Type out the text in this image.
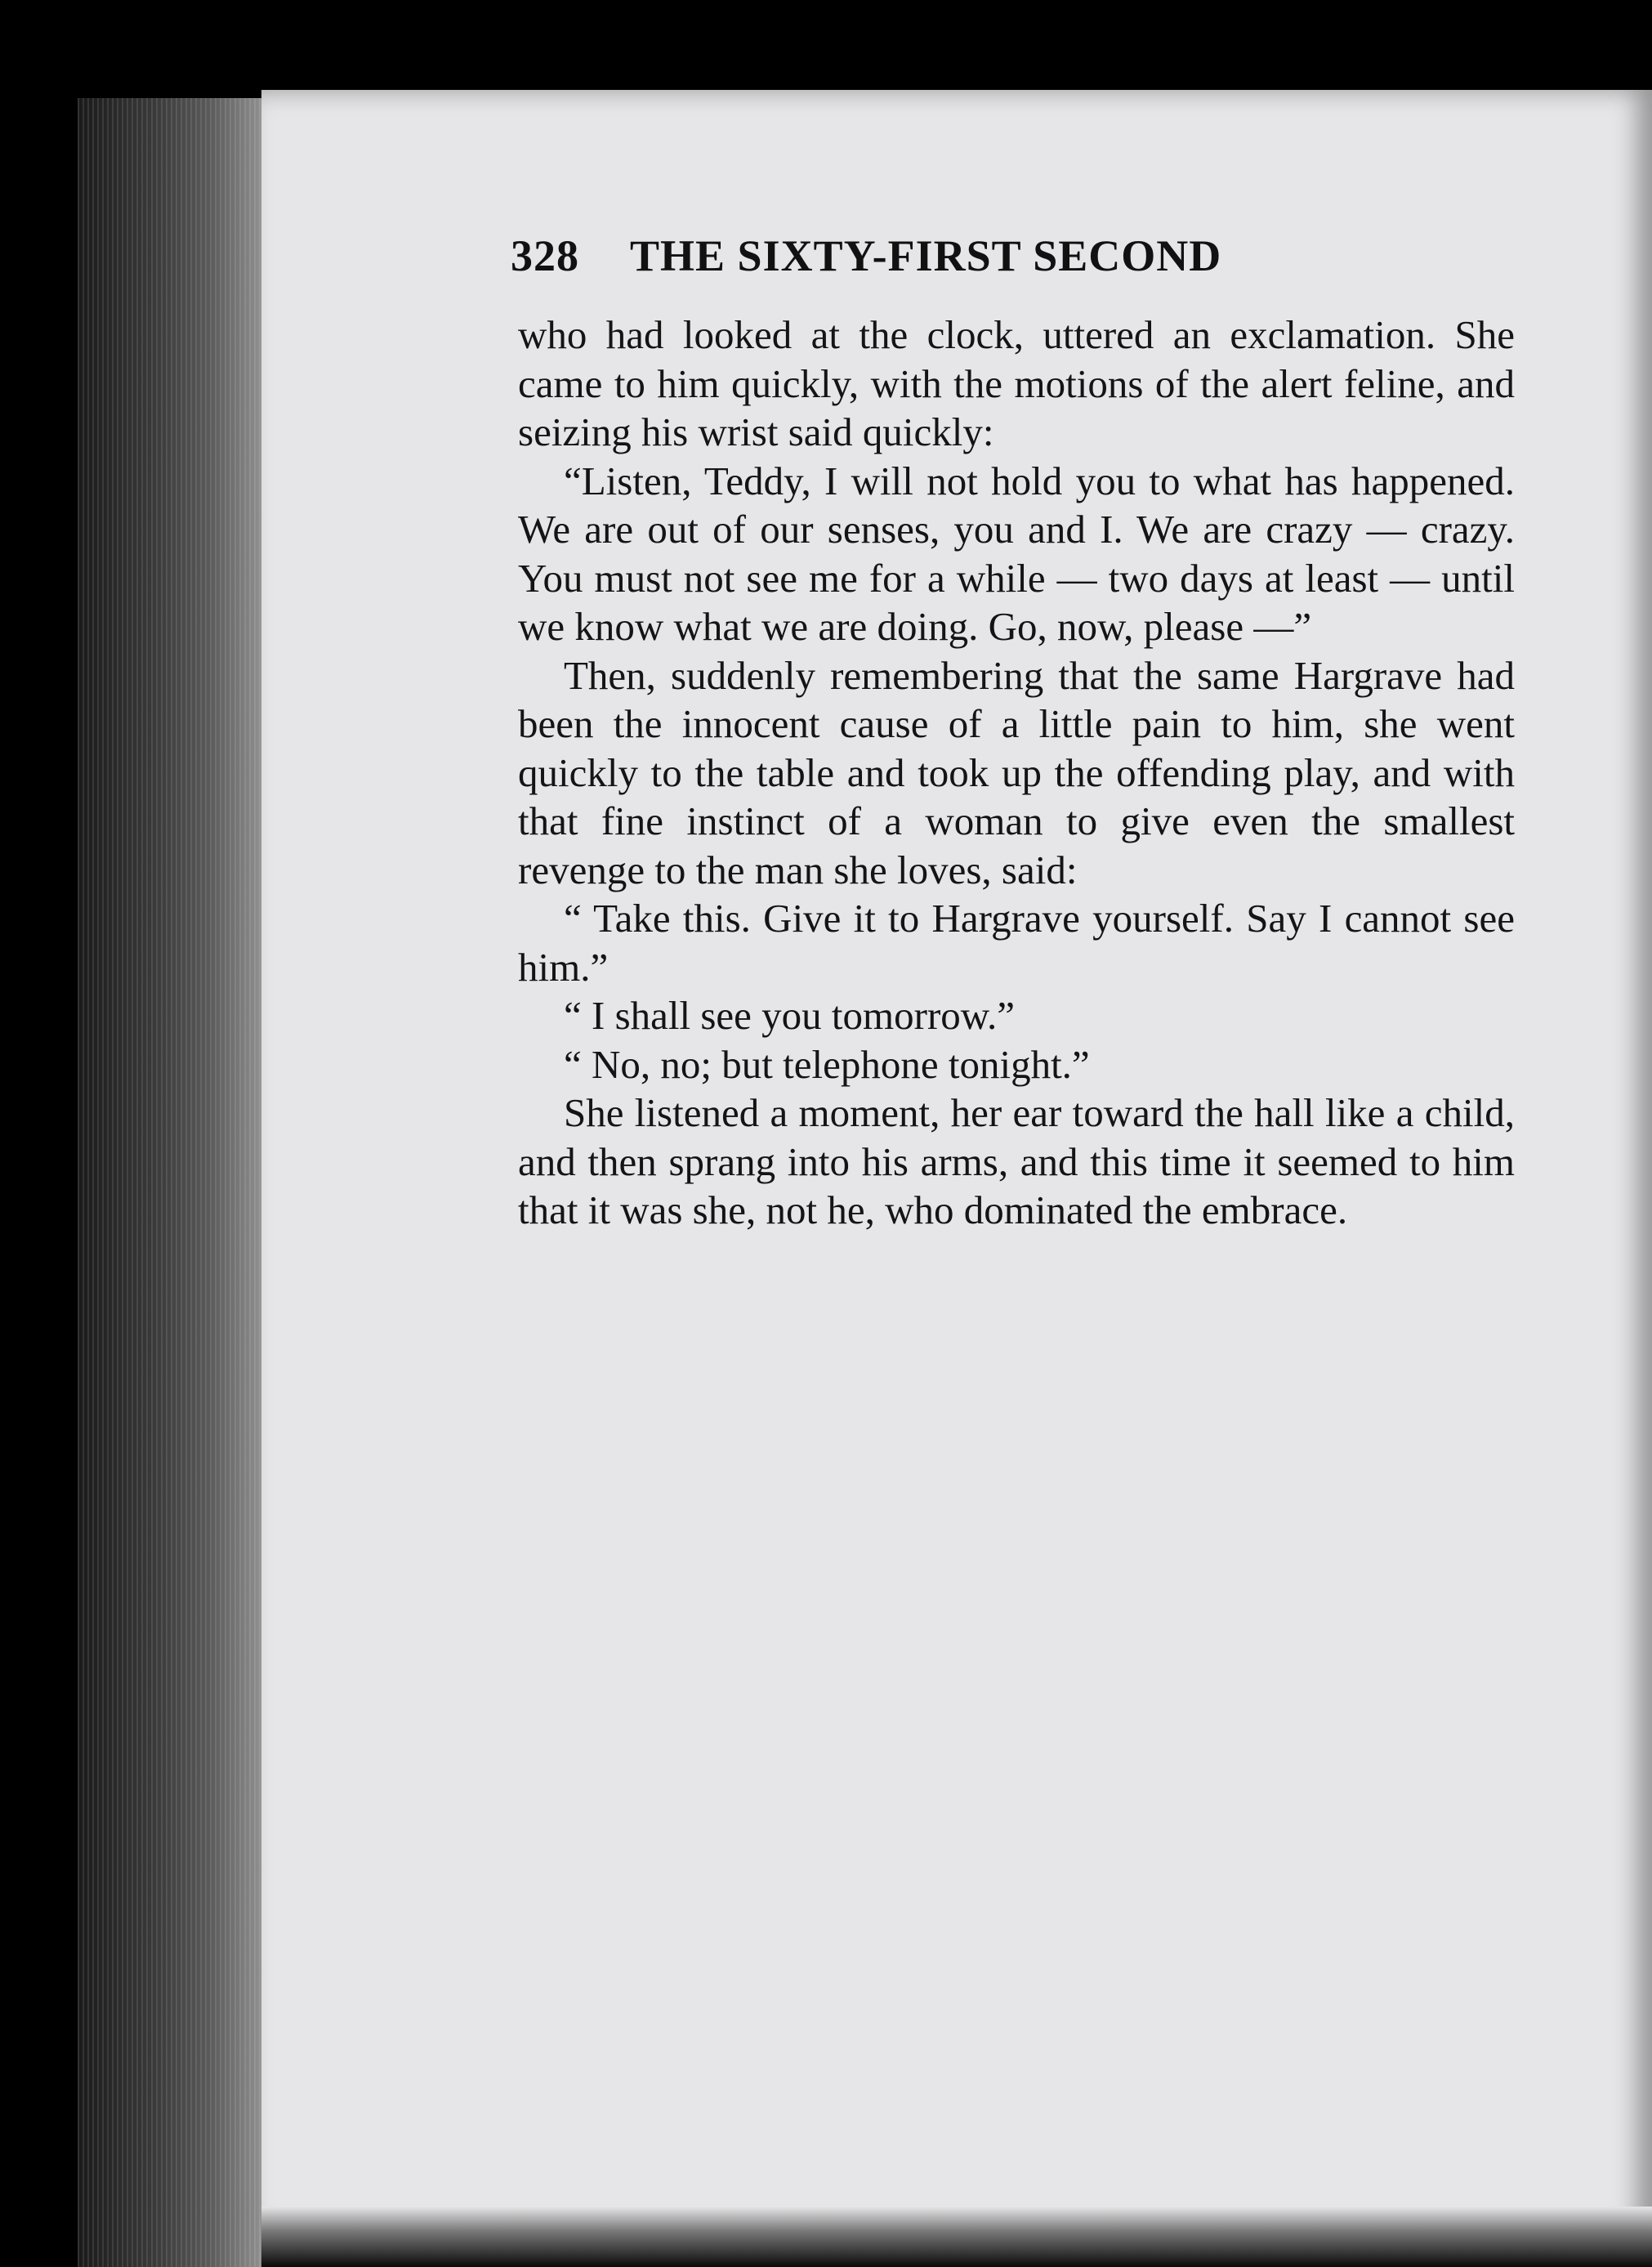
328 THE SIXTY-FIRST SECOND

who had looked at the clock, uttered an exclamation. She came to him quickly, with the motions of the alert feline, and seizing his wrist said quickly:

“Listen, Teddy, I will not hold you to what has happened. We are out of our senses, you and I. We are crazy — crazy. You must not see me for a while — two days at least — until we know what we are doing. Go, now, please —”

Then, suddenly remembering that the same Hargrave had been the innocent cause of a little pain to him, she went quickly to the table and took up the offending play, and with that fine instinct of a woman to give even the smallest revenge to the man she loves, said:

“ Take this. Give it to Hargrave yourself. Say I cannot see him.”

“ I shall see you tomorrow.”

“ No, no; but telephone tonight.”

She listened a moment, her ear toward the hall like a child, and then sprang into his arms, and this time it seemed to him that it was she, not he, who dominated the embrace.
